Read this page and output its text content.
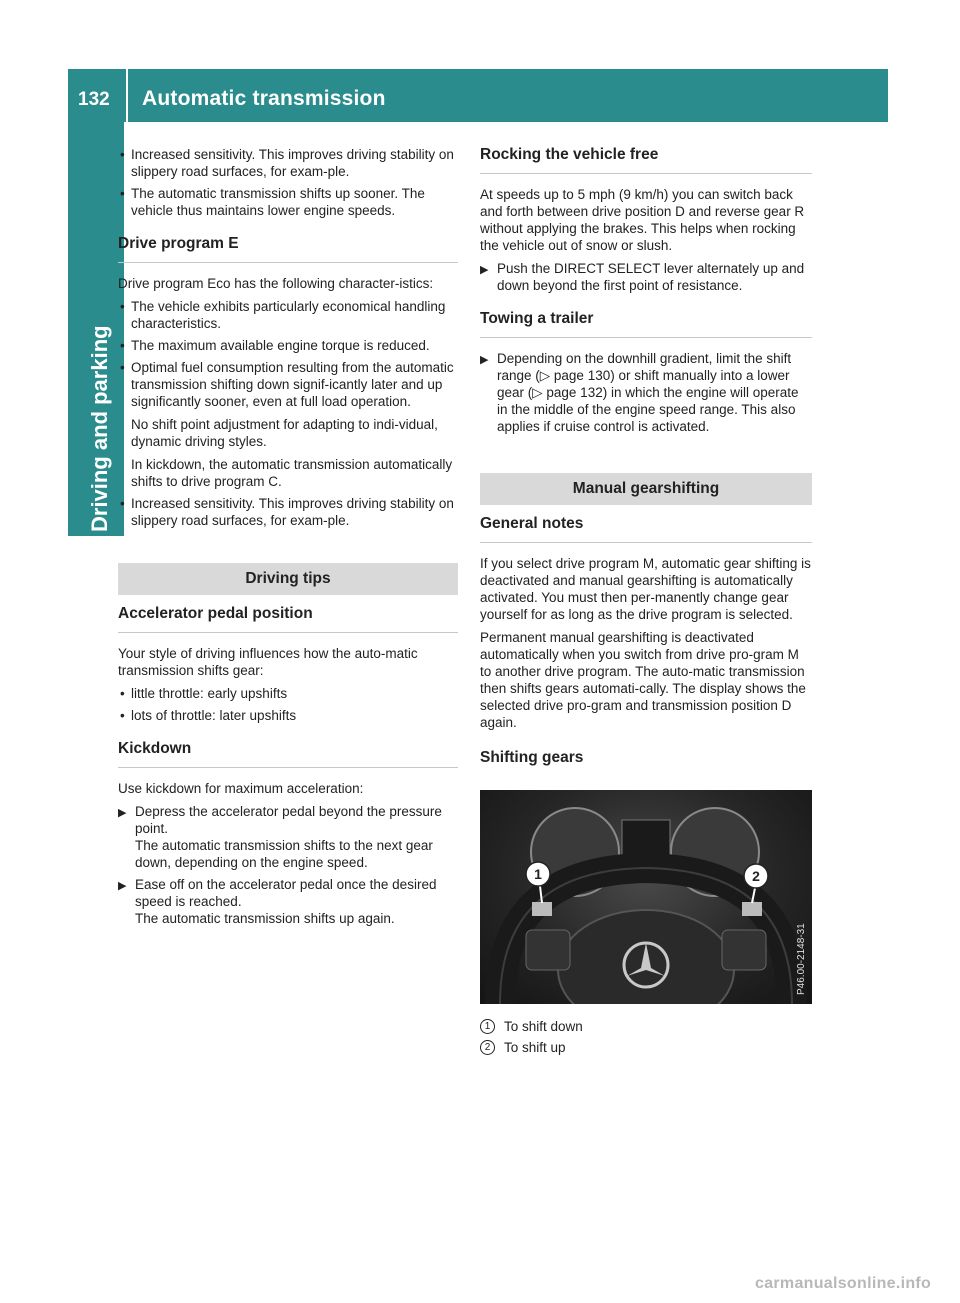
132 Automatic transmission
Driving and parking
• Increased sensitivity. This improves driving stability on slippery road surfaces, for exam-ple.
• The automatic transmission shifts up sooner. The vehicle thus maintains lower engine speeds.
Drive program E

Drive program Eco has the following character-istics:

• The vehicle exhibits particularly economical handling characteristics.
• The maximum available engine torque is reduced.
• Optimal fuel consumption resulting from the automatic transmission shifting down signif-icantly later and up significantly sooner, even at full load operation.
No shift point adjustment for adapting to indi-vidual, dynamic driving styles.
In kickdown, the automatic transmission automatically shifts to drive program C.
• Increased sensitivity. This improves driving stability on slippery road surfaces, for exam-ple.
Driving tips
Accelerator pedal position

Your style of driving influences how the auto-matic transmission shifts gear:

• little throttle: early upshifts
• lots of throttle: later upshifts
Kickdown

Use kickdown for maximum acceleration:

▶ Depress the accelerator pedal beyond the pressure point.
The automatic transmission shifts to the next gear down, depending on the engine speed.
▶ Ease off on the accelerator pedal once the desired speed is reached.
The automatic transmission shifts up again.
Rocking the vehicle free

At speeds up to 5 mph (9 km/h) you can switch back and forth between drive position D and reverse gear R without applying the brakes. This helps when rocking the vehicle out of snow or slush.

▶ Push the DIRECT SELECT lever alternately up and down beyond the first point of resistance.
Towing a trailer
▶ Depending on the downhill gradient, limit the shift range (▷ page 130) or shift manually into a lower gear (▷ page 132) in which the engine will operate in the middle of the engine speed range. This also applies if cruise control is activated.
Manual gearshifting
General notes

If you select drive program M, automatic gear shifting is deactivated and manual gearshifting is automatically activated. You must then per-manently change gear yourself for as long as the drive program is selected.

Permanent manual gearshifting is deactivated automatically when you switch from drive pro-gram M to another drive program. The auto-matic transmission then shifts gears automati-cally. The display shows the selected drive pro-gram and transmission position D again.

Shifting gears
1	2
P46.00-2148-31
1	To shift down
2	To shift up
carmanualsonline.info
